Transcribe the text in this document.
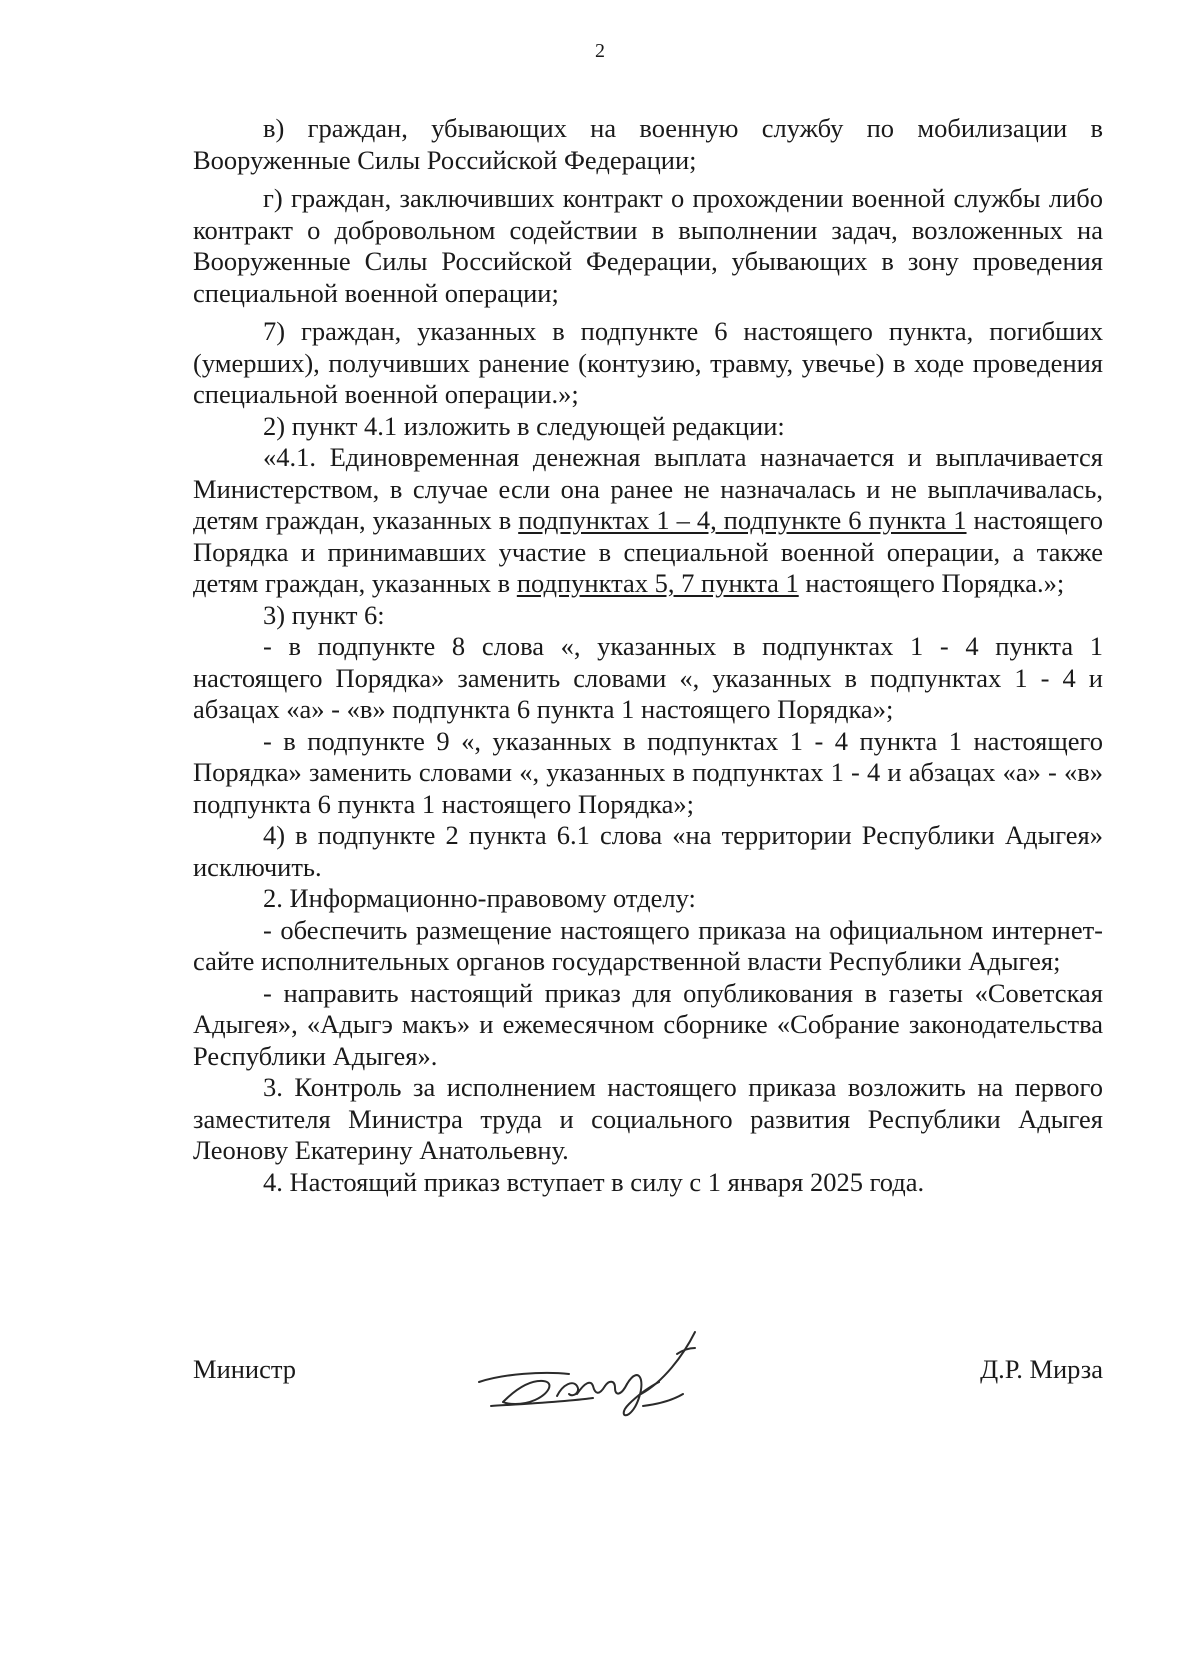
2

в) граждан, убывающих на военную службу по мобилизации в Вооруженные Силы Российской Федерации;

г) граждан, заключивших контракт о прохождении военной службы либо контракт о добровольном содействии в выполнении задач, возложенных на Вооруженные Силы Российской Федерации, убывающих в зону проведения специальной военной операции;

7) граждан, указанных в подпункте 6 настоящего пункта, погибших (умерших), получивших ранение (контузию, травму, увечье) в ходе проведения специальной военной операции.»;

2) пункт 4.1 изложить в следующей редакции:

«4.1. Единовременная денежная выплата назначается и выплачивается Министерством, в случае если она ранее не назначалась и не выплачивалась, детям граждан, указанных в подпунктах 1 – 4, подпункте 6 пункта 1 настоящего Порядка и принимавших участие в специальной военной операции, а также детям граждан, указанных в подпунктах 5, 7 пункта 1 настоящего Порядка.»;

3) пункт 6:

- в подпункте 8 слова «, указанных в подпунктах 1 - 4 пункта 1 настоящего Порядка» заменить словами «, указанных в подпунктах 1 - 4 и абзацах «а» - «в» подпункта 6 пункта 1 настоящего Порядка»;

- в подпункте 9 «, указанных в подпунктах 1 - 4 пункта 1 настоящего Порядка» заменить словами «, указанных в подпунктах 1 - 4 и абзацах «а» - «в» подпункта 6 пункта 1 настоящего Порядка»;

4) в подпункте 2 пункта 6.1 слова «на территории Республики Адыгея» исключить.

2. Информационно-правовому отделу:

- обеспечить размещение настоящего приказа на официальном интернет-сайте исполнительных органов государственной власти Республики Адыгея;

- направить настоящий приказ для опубликования в газеты «Советская Адыгея», «Адыгэ макъ» и ежемесячном сборнике «Собрание законодательства Республики Адыгея».

3. Контроль за исполнением настоящего приказа возложить на первого заместителя Министра труда и социального развития Республики Адыгея Леонову Екатерину Анатольевну.

4. Настоящий приказ вступает в силу с 1 января 2025 года.

Министр	Д.Р. Мирза
